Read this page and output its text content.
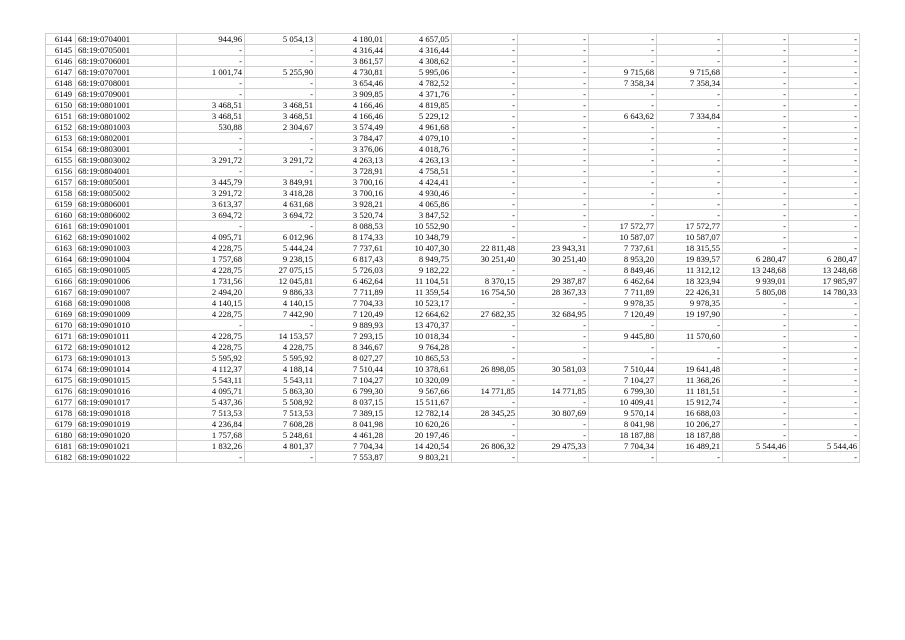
6144	68:19:0704001	944,96	5 054,13	4 180,01	4 657,05	-	-	-	-	-	-
6145	68:19:0705001	-	-	4 316,44	4 316,44	-	-	-	-	-	-
6146	68:19:0706001	-	-	3 861,57	4 308,62	-	-	-	-	-	-
6147	68:19:0707001	1 001,74	5 255,90	4 730,81	5 995,06	-	-	9 715,68	9 715,68	-	-
6148	68:19:0708001	-	-	3 654,46	4 782,52	-	-	7 358,34	7 358,34	-	-
6149	68:19:0709001	-	-	3 909,85	4 371,76	-	-	-	-	-	-
6150	68:19:0801001	3 468,51	3 468,51	4 166,46	4 819,85	-	-	-	-	-	-
6151	68:19:0801002	3 468,51	3 468,51	4 166,46	5 229,12	-	-	6 643,62	7 334,84	-	-
6152	68:19:0801003	530,88	2 304,67	3 574,49	4 961,68	-	-	-	-	-	-
6153	68:19:0802001	-	-	3 784,47	4 079,10	-	-	-	-	-	-
6154	68:19:0803001	-	-	3 376,06	4 018,76	-	-	-	-	-	-
6155	68:19:0803002	3 291,72	3 291,72	4 263,13	4 263,13	-	-	-	-	-	-
6156	68:19:0804001	-	-	3 728,91	4 758,51	-	-	-	-	-	-
6157	68:19:0805001	3 445,79	3 849,91	3 700,16	4 424,41	-	-	-	-	-	-
6158	68:19:0805002	3 291,72	3 418,28	3 700,16	4 930,46	-	-	-	-	-	-
6159	68:19:0806001	3 613,37	4 631,68	3 928,21	4 065,86	-	-	-	-	-	-
6160	68:19:0806002	3 694,72	3 694,72	3 520,74	3 847,52	-	-	-	-	-	-
6161	68:19:0901001	-	-	8 088,53	10 552,90	-	-	17 572,77	17 572,77	-	-
6162	68:19:0901002	4 095,71	6 012,96	8 174,33	10 348,79	-	-	10 587,07	10 587,07	-	-
6163	68:19:0901003	4 228,75	5 444,24	7 737,61	10 407,30	22 811,48	23 943,31	7 737,61	18 315,55	-	-
6164	68:19:0901004	1 757,68	9 238,15	6 817,43	8 949,75	30 251,40	30 251,40	8 953,20	19 839,57	6 280,47	6 280,47
6165	68:19:0901005	4 228,75	27 075,15	5 726,03	9 182,22	-	-	8 849,46	11 312,12	13 248,68	13 248,68
6166	68:19:0901006	1 731,56	12 045,81	6 462,64	11 104,51	8 370,15	29 387,87	6 462,64	18 323,94	9 939,01	17 985,97
6167	68:19:0901007	2 494,20	9 886,33	7 711,89	11 359,54	16 754,50	28 367,33	7 711,89	22 426,31	5 805,08	14 780,33
6168	68:19:0901008	4 140,15	4 140,15	7 704,33	10 523,17	-	-	9 978,35	9 978,35	-	-
6169	68:19:0901009	4 228,75	7 442,90	7 120,49	12 664,62	27 682,35	32 684,95	7 120,49	19 197,90	-	-
6170	68:19:0901010	-	-	9 889,93	13 470,37	-	-	-	-	-	-
6171	68:19:0901011	4 228,75	14 153,57	7 293,15	10 018,34	-	-	9 445,80	11 570,60	-	-
6172	68:19:0901012	4 228,75	4 228,75	8 346,67	9 764,28	-	-	-	-	-	-
6173	68:19:0901013	5 595,92	5 595,92	8 027,27	10 865,53	-	-	-	-	-	-
6174	68:19:0901014	4 112,37	4 188,14	7 510,44	10 378,61	26 898,05	30 581,03	7 510,44	19 641,48	-	-
6175	68:19:0901015	5 543,11	5 543,11	7 104,27	10 320,09	-	-	7 104,27	11 368,26	-	-
6176	68:19:0901016	4 095,71	5 863,30	6 799,30	9 567,66	14 771,85	14 771,85	6 799,30	11 181,51	-	-
6177	68:19:0901017	5 437,36	5 508,92	8 037,15	15 511,67	-	-	10 409,41	15 912,74	-	-
6178	68:19:0901018	7 513,53	7 513,53	7 389,15	12 782,14	28 345,25	30 807,69	9 570,14	16 688,03	-	-
6179	68:19:0901019	4 236,84	7 608,28	8 041,98	10 620,26	-	-	8 041,98	10 206,27	-	-
6180	68:19:0901020	1 757,68	5 248,61	4 461,28	20 197,46	-	-	18 187,88	18 187,88	-	-
6181	68:19:0901021	1 832,26	4 801,37	7 704,34	14 420,54	26 806,32	29 475,33	7 704,34	16 489,21	5 544,46	5 544,46
6182	68:19:0901022	-	-	7 553,87	9 803,21	-	-	-	-	-	-
